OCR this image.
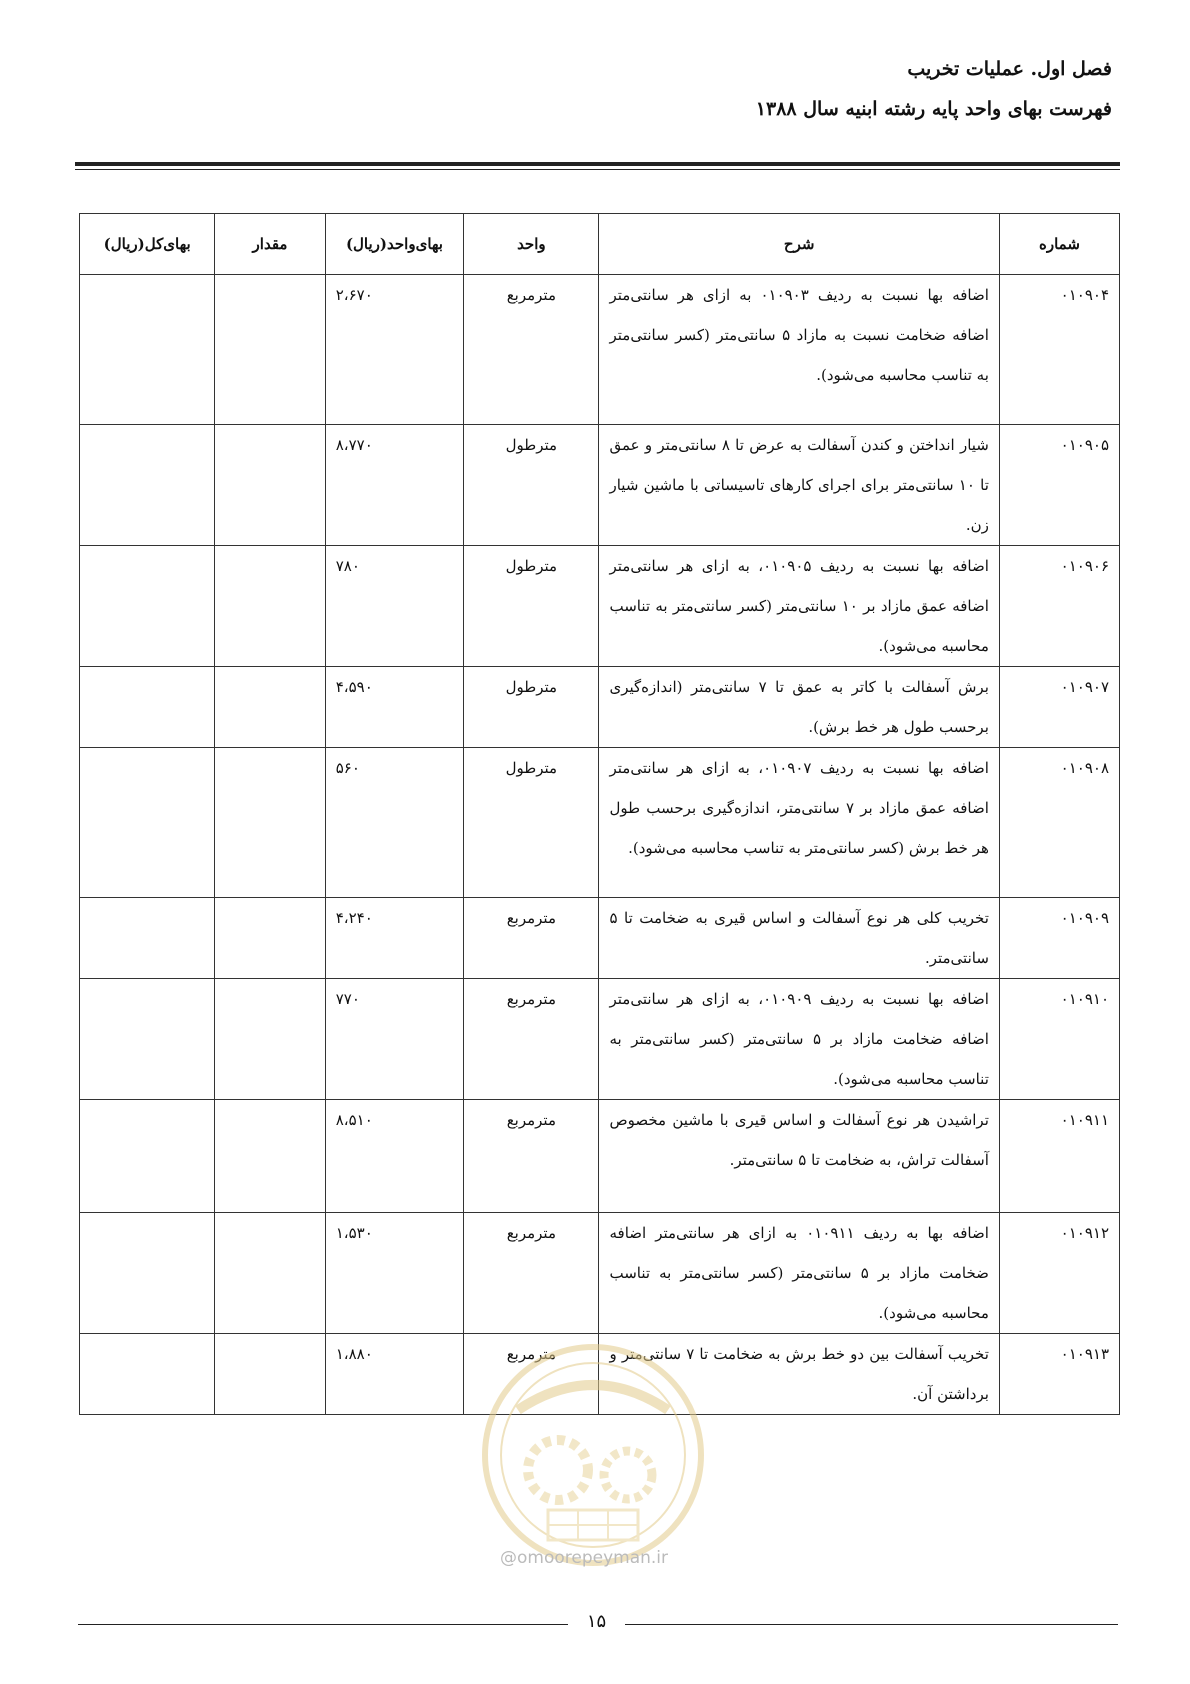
فصل اول. عملیات تخریب
فهرست بهای واحد پایه رشته ابنیه سال ۱۳۸۸
شماره	شرح	واحد	بهای‌واحد(ریال)	مقدار	بهای‌کل(ریال)
۰۱۰۹۰۴	اضافه بها نسبت به ردیف ۰۱۰۹۰۳ به ازای هر سانتی‌متر اضافه ضخامت نسبت به مازاد ۵ سانتی‌متر (کسر سانتی‌متر به تناسب محاسبه می‌شود).	مترمربع	۲،۶۷۰		
۰۱۰۹۰۵	شیار انداختن و کندن آسفالت به عرض تا ۸ سانتی‌متر و عمق تا ۱۰ سانتی‌متر برای اجرای کارهای تاسیساتی با ماشین شیار زن.	مترطول	۸،۷۷۰		
۰۱۰۹۰۶	اضافه بها نسبت به ردیف ۰۱۰۹۰۵، به ازای هر سانتی‌متر اضافه عمق مازاد بر ۱۰ سانتی‌متر (کسر سانتی‌متر به تناسب محاسبه می‌شود).	مترطول	۷۸۰		
۰۱۰۹۰۷	برش آسفالت با کاتر به عمق تا ۷ سانتی‌متر (اندازه‌گیری برحسب طول هر خط برش).	مترطول	۴،۵۹۰		
۰۱۰۹۰۸	اضافه بها نسبت به ردیف ۰۱۰۹۰۷، به ازای هر سانتی‌متر اضافه عمق مازاد بر ۷ سانتی‌متر، اندازه‌گیری برحسب طول هر خط برش (کسر سانتی‌متر به تناسب محاسبه می‌شود).	مترطول	۵۶۰		
۰۱۰۹۰۹	تخریب کلی هر نوع آسفالت و اساس قیری به ضخامت تا ۵ سانتی‌متر.	مترمربع	۴،۲۴۰		
۰۱۰۹۱۰	اضافه بها نسبت به ردیف ۰۱۰۹۰۹، به ازای هر سانتی‌متر اضافه ضخامت مازاد بر ۵ سانتی‌متر (کسر سانتی‌متر به تناسب محاسبه می‌شود).	مترمربع	۷۷۰		
۰۱۰۹۱۱	تراشیدن هر نوع آسفالت و اساس قیری با ماشین مخصوص آسفالت تراش، به ضخامت تا ۵ سانتی‌متر.	مترمربع	۸،۵۱۰		
۰۱۰۹۱۲	اضافه بها به ردیف ۰۱۰۹۱۱ به ازای هر سانتی‌متر اضافه ضخامت مازاد بر ۵ سانتی‌متر (کسر سانتی‌متر به تناسب محاسبه می‌شود).	مترمربع	۱،۵۳۰		
۰۱۰۹۱۳	تخریب آسفالت بین دو خط برش به ضخامت تا ۷ سانتی‌متر و برداشتن آن.	مترمربع	۱،۸۸۰		
@omoorepeyman.ir
۱۵
